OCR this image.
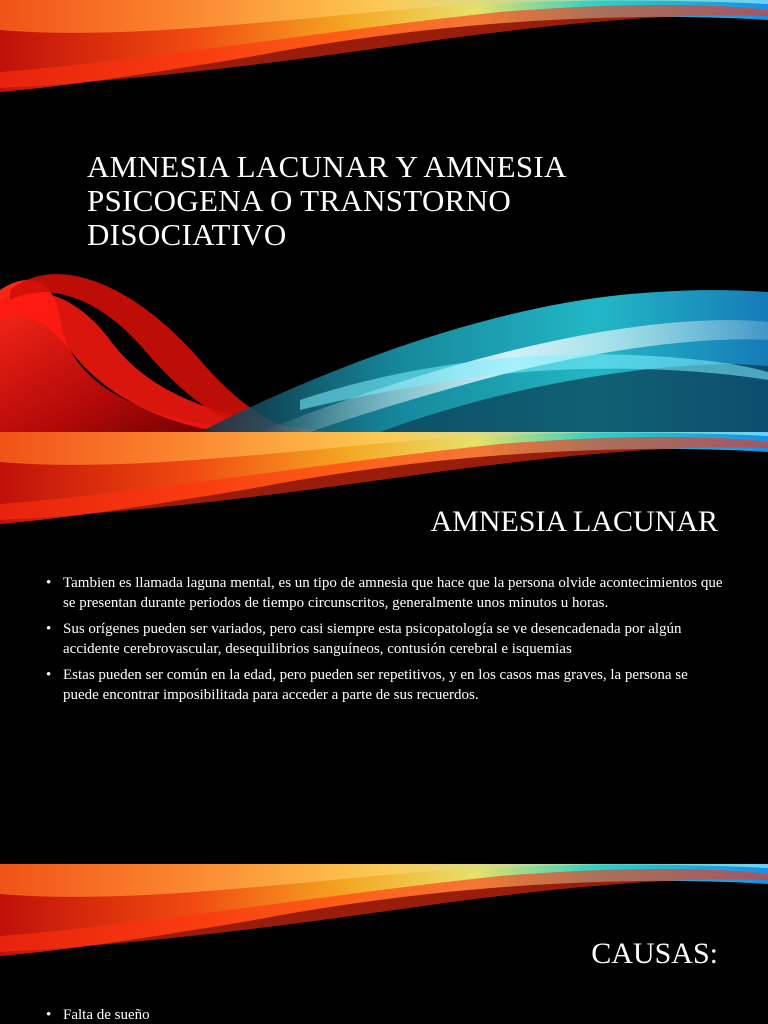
AMNESIA LACUNAR Y AMNESIA PSICOGENA O TRANSTORNO DISOCIATIVO
AMNESIA LACUNAR
• Tambien es llamada laguna mental, es un tipo de amnesia que hace que la persona olvide acontecimientos que se presentan durante periodos de tiempo circunscritos, generalmente unos minutos u horas.
• Sus orígenes pueden ser variados, pero casi siempre esta psicopatología se ve desencadenada por algún accidente cerebrovascular, desequilibrios sanguíneos, contusión cerebral e isquemias
• Estas pueden ser común en la edad, pero pueden ser repetitivos, y en los casos mas graves, la persona se puede encontrar imposibilitada para acceder a parte de sus recuerdos.
CAUSAS:
• Falta de sueño
